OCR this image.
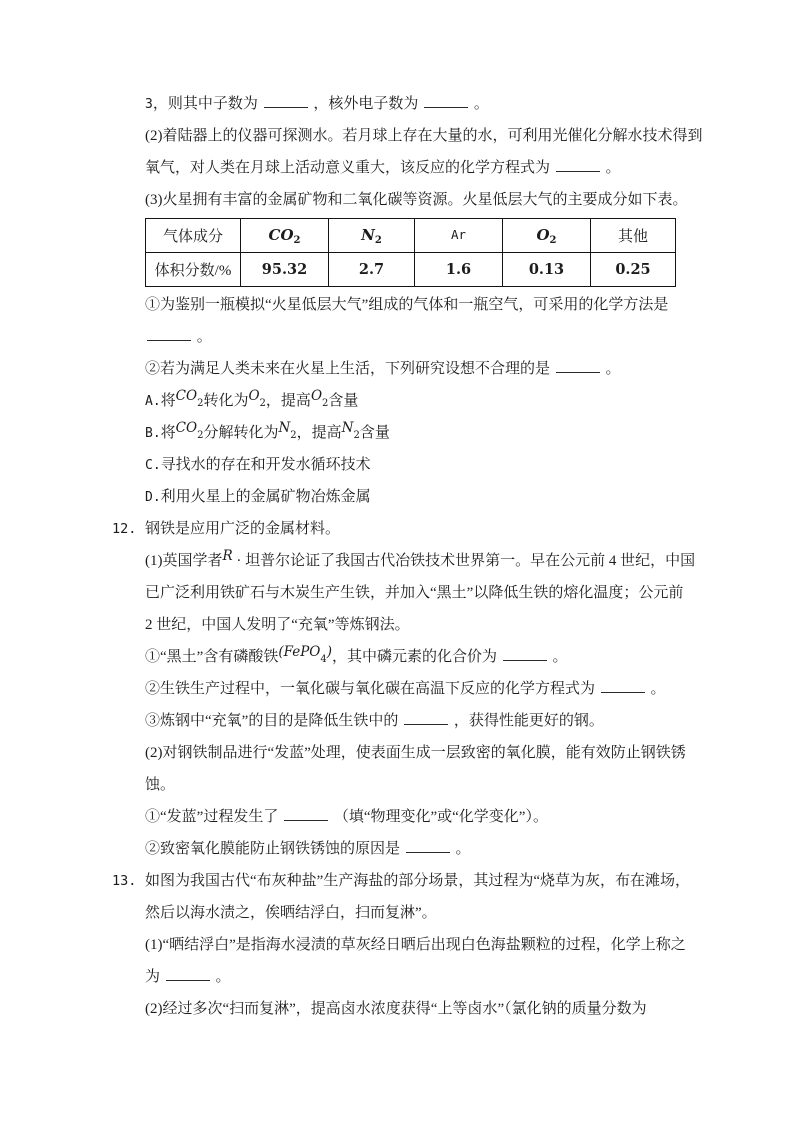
3，则其中子数为	，核外电子数为	。
(2)着陆器上的仪器可探测水。若月球上存在大量的水，可利用光催化分解水技术得到
氧气，对人类在月球上活动意义重大，该反应的化学方程式为	。
(3)火星拥有丰富的金属矿物和二氧化碳等资源。火星低层大气的主要成分如下表。
气体成分	$CO_2$	$N_2$	Ar	$O_2$	其他
体积分数/%	95.32	2.7	1.6	0.13	0.25
①为鉴别一瓶模拟“火星低层大气”组成的气体和一瓶空气，可采用的化学方法是
。
②若为满足人类未来在火星上生活，下列研究设想不合理的是	。
A.将CO2转化为O2，提高O2含量
B.将CO2分解转化为N2，提高N2含量
C.寻找水的存在和开发水循环技术
D.利用火星上的金属矿物冶炼金属
12. 钢铁是应用广泛的金属材料。
(1)英国学者R · 坦普尔论证了我国古代冶铁技术世界第一。早在公元前 4 世纪，中国
已广泛利用铁矿石与木炭生产生铁，并加入“黑土”以降低生铁的熔化温度；公元前
2 世纪，中国人发明了“充氧”等炼钢法。
①“黑土”含有磷酸铁(FePO4)，其中磷元素的化合价为	。
②生铁生产过程中，一氧化碳与氧化碳在高温下反应的化学方程式为	。
③炼钢中“充氧”的目的是降低生铁中的	，获得性能更好的钢。
(2)对钢铁制品进行“发蓝”处理，使表面生成一层致密的氧化膜，能有效防止钢铁锈
蚀。
①“发蓝”过程发生了	（填“物理变化”或“化学变化”）。
②致密氧化膜能防止钢铁锈蚀的原因是	。
13. 如图为我国古代“布灰种盐”生产海盐的部分场景，其过程为“烧草为灰，布在滩场，
然后以海水渍之，俟晒结浮白，扫而复淋”。
(1)“晒结浮白”是指海水浸渍的草灰经日晒后出现白色海盐颗粒的过程，化学上称之
为	。
(2)经过多次“扫而复淋”，提高卤水浓度获得“上等卤水”（氯化钠的质量分数为
